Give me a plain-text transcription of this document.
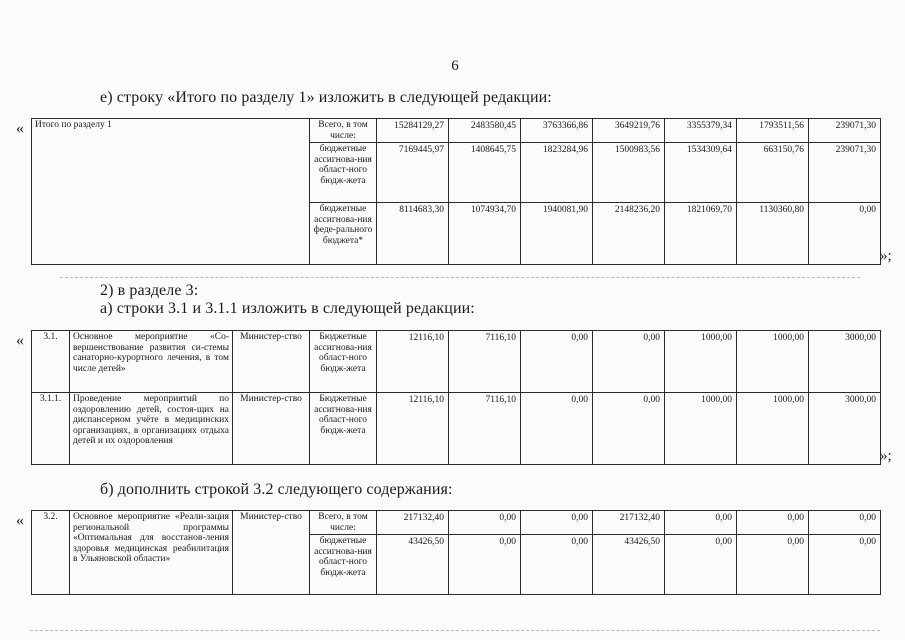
6
е) строку «Итого по разделу 1» изложить в следующей редакции:
« Итого по разделу 1	Всего, в том числе:	15284129,27	2483580,45	3763366,86	3649219,76	3355379,34	1793511,56	239071,30
	бюджетные ассигнова-ния област-ного бюдж-жета	7169445,97	1408645,75	1823284,96	1500983,56	1534309,64	663150,76	239071,30
	бюджетные ассигнова-ния феде-рального бюджета*	8114683,30	1074934,70	1940081,90	2148236,20	1821069,70	1130360,80	0,00
»;
2) в разделе 3:
а) строки 3.1 и 3.1.1 изложить в следующей редакции:
« 3.1.	Основное мероприятие «Со-вершенствование развития си-стемы санаторно-курортного лечения, в том числе детей»	Министер-ство	Бюджетные ассигнова-ния област-ного бюдж-жета	12116,10	7116,10	0,00	0,00	1000,00	1000,00	3000,00
3.1.1.	Проведение мероприятий по оздоровлению детей, состоя-щих на диспансерном учёте в медицинских организациях, в организациях отдыха детей и их оздоровления	Министер-ство	Бюджетные ассигнова-ния област-ного бюдж-жета	12116,10	7116,10	0,00	0,00	1000,00	1000,00	3000,00
»;
б) дополнить строкой 3.2 следующего содержания:
« 3.2.	Основное мероприятие «Реали-зация региональной программы «Оптимальная для восстанов-ления здоровья медицинская реабилитация в Ульяновской области»	Министер-ство	Всего, в том числе:	217132,40	0,00	0,00	217132,40	0,00	0,00	0,00
			бюджетные ассигнова-ния област-ного бюдж-жета	43426,50	0,00	0,00	43426,50	0,00	0,00	0,00
